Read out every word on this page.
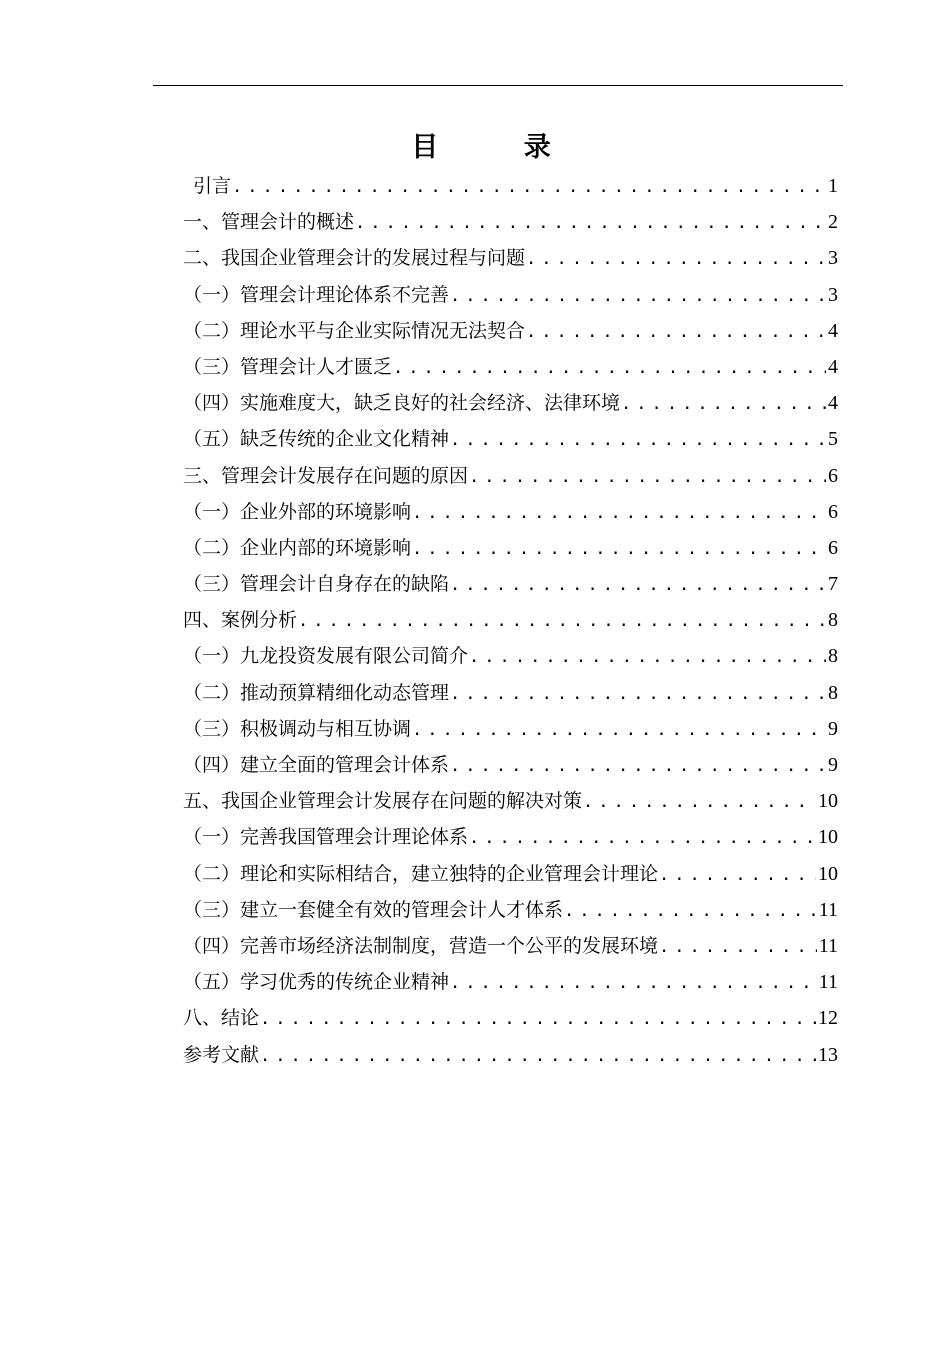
目 录
引言 . . .	1
一、管理会计的概述 . . .	2
二、我国企业管理会计的发展过程与问题 . . .	3
（一）管理会计理论体系不完善 . . .	3
（二）理论水平与企业实际情况无法契合 . . .	4
（三）管理会计人才匮乏 . . .	4
（四）实施难度大，缺乏良好的社会经济、法律环境 . . .	4
（五）缺乏传统的企业文化精神 . . .	5
三、管理会计发展存在问题的原因 . . .	6
（一）企业外部的环境影响 . . .	6
（二）企业内部的环境影响 . . .	6
（三）管理会计自身存在的缺陷 . . .	7
四、案例分析 . . .	8
（一）九龙投资发展有限公司简介 . . .	8
（二）推动预算精细化动态管理 . . .	8
（三）积极调动与相互协调 . . .	9
（四）建立全面的管理会计体系 . . .	9
五、我国企业管理会计发展存在问题的解决对策 . . .	10
（一）完善我国管理会计理论体系 . . .	10
（二）理论和实际相结合，建立独特的企业管理会计理论 . . .	10
（三）建立一套健全有效的管理会计人才体系 . . .	11
（四）完善市场经济法制制度，营造一个公平的发展环境 . . .	11
（五）学习优秀的传统企业精神 . . .	11
八、结论 . . .	12
参考文献 . . .	13
